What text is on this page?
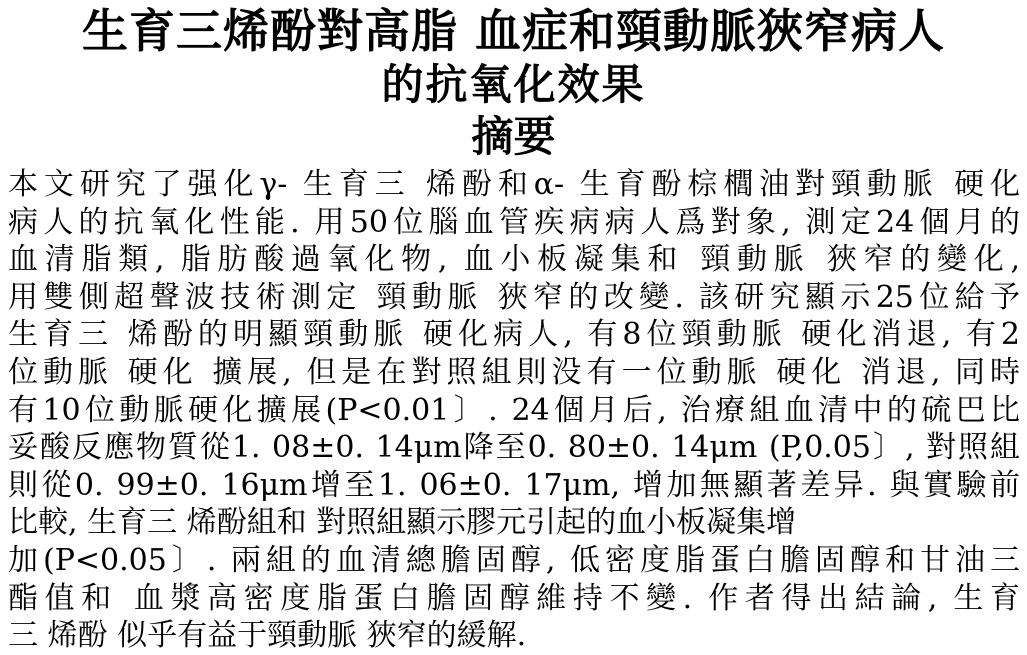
生育三烯酚對高脂 血症和頸動脈狹窄病人
的抗氧化效果
摘要
本文研究了强化γ- 生育三 烯酚和α- 生育酚棕櫚油對頸動脈 硬化
病人的抗氧化性能. 用50位腦血管疾病病人爲對象, 測定24個月的
血清脂類, 脂肪酸過氧化物, 血小板凝集和 頸動脈 狹窄的變化,
用雙側超聲波技術測定 頸動脈 狹窄的改變. 該研究顯示25位給予
生育三 烯酚的明顯頸動脈 硬化病人, 有8位頸動脈 硬化消退, 有2
位動脈 硬化 擴展, 但是在對照組則没有一位動脈 硬化 消退, 同時
有10位動脈硬化擴展(P<0.01〕. 24個月后, 治療組血清中的硫巴比
妥酸反應物質從1. 08±0. 14μm降至0. 80±0. 14μm (P,0.05〕, 對照組
則從0. 99±0. 16μm增至1. 06±0. 17μm, 增加無顯著差异. 與實驗前
比較, 生育三 烯酚組和 對照組顯示膠元引起的血小板凝集增
加(P<0.05〕. 兩組的血清總膽固醇, 低密度脂蛋白膽固醇和甘油三
酯值和 血漿高密度脂蛋白膽固醇維持不變. 作者得出結論, 生育
三 烯酚 似乎有益于頸動脈 狹窄的緩解.
